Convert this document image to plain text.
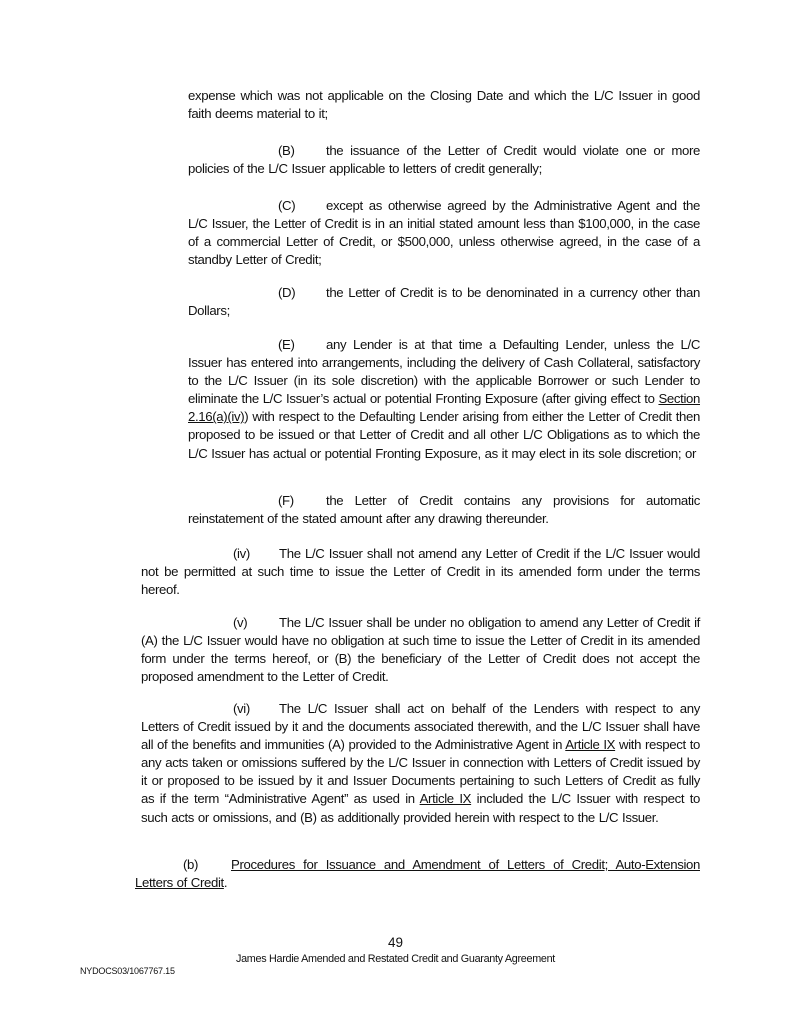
expense which was not applicable on the Closing Date and which the L/C Issuer in good faith deems material to it;

(B) the issuance of the Letter of Credit would violate one or more policies of the L/C Issuer applicable to letters of credit generally;

(C) except as otherwise agreed by the Administrative Agent and the L/C Issuer, the Letter of Credit is in an initial stated amount less than $100,000, in the case of a commercial Letter of Credit, or $500,000, unless otherwise agreed, in the case of a standby Letter of Credit;

(D) the Letter of Credit is to be denominated in a currency other than Dollars;

(E) any Lender is at that time a Defaulting Lender, unless the L/C Issuer has entered into arrangements, including the delivery of Cash Collateral, satisfactory to the L/C Issuer (in its sole discretion) with the applicable Borrower or such Lender to eliminate the L/C Issuer’s actual or potential Fronting Exposure (after giving effect to Section 2.16(a)(iv)) with respect to the Defaulting Lender arising from either the Letter of Credit then proposed to be issued or that Letter of Credit and all other L/C Obligations as to which the L/C Issuer has actual or potential Fronting Exposure, as it may elect in its sole discretion; or

(F) the Letter of Credit contains any provisions for automatic reinstatement of the stated amount after any drawing thereunder.

(iv) The L/C Issuer shall not amend any Letter of Credit if the L/C Issuer would not be permitted at such time to issue the Letter of Credit in its amended form under the terms hereof.

(v) The L/C Issuer shall be under no obligation to amend any Letter of Credit if (A) the L/C Issuer would have no obligation at such time to issue the Letter of Credit in its amended form under the terms hereof, or (B) the beneficiary of the Letter of Credit does not accept the proposed amendment to the Letter of Credit.

(vi) The L/C Issuer shall act on behalf of the Lenders with respect to any Letters of Credit issued by it and the documents associated therewith, and the L/C Issuer shall have all of the benefits and immunities (A) provided to the Administrative Agent in Article IX with respect to any acts taken or omissions suffered by the L/C Issuer in connection with Letters of Credit issued by it or proposed to be issued by it and Issuer Documents pertaining to such Letters of Credit as fully as if the term “Administrative Agent” as used in Article IX included the L/C Issuer with respect to such acts or omissions, and (B) as additionally provided herein with respect to the L/C Issuer.

(b) Procedures for Issuance and Amendment of Letters of Credit; Auto-Extension Letters of Credit.

49
James Hardie Amended and Restated Credit and Guaranty Agreement
NYDOCS03/1067767.15
